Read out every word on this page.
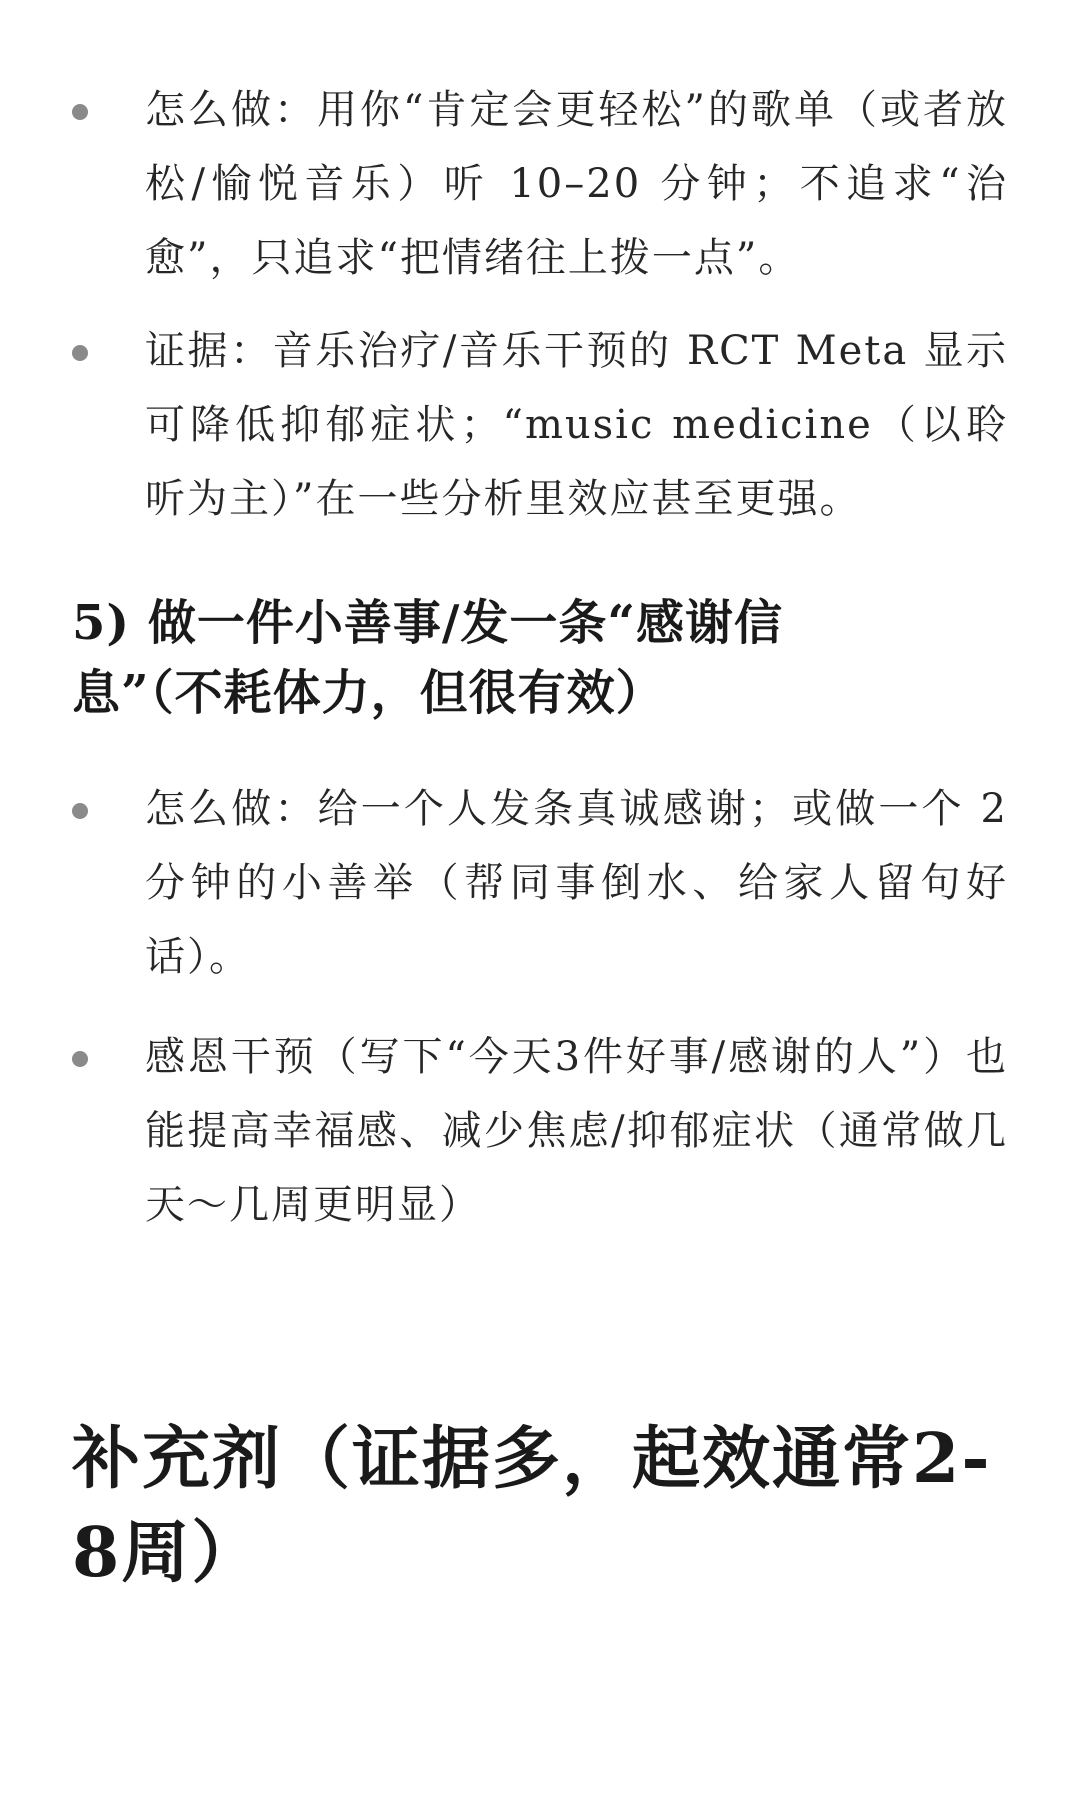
怎么做：用你“肯定会更轻松”的歌单（或者放松/愉悦音乐）听 10–20 分钟；不追求“治愈”，只追求“把情绪往上拨一点”。
证据：音乐治疗/音乐干预的 RCT Meta 显示可降低抑郁症状；“music medicine（以聆听为主）”在一些分析里效应甚至更强。
5) 做一件小善事/发一条“感谢信息”（不耗体力，但很有效）
怎么做：给一个人发条真诚感谢；或做一个 2 分钟的小善举（帮同事倒水、给家人留句好话）。
感恩干预（写下“今天3件好事/感谢的人”）也能提高幸福感、减少焦虑/抑郁症状（通常做几天～几周更明显）
补充剂（证据多，起效通常2-8周）
